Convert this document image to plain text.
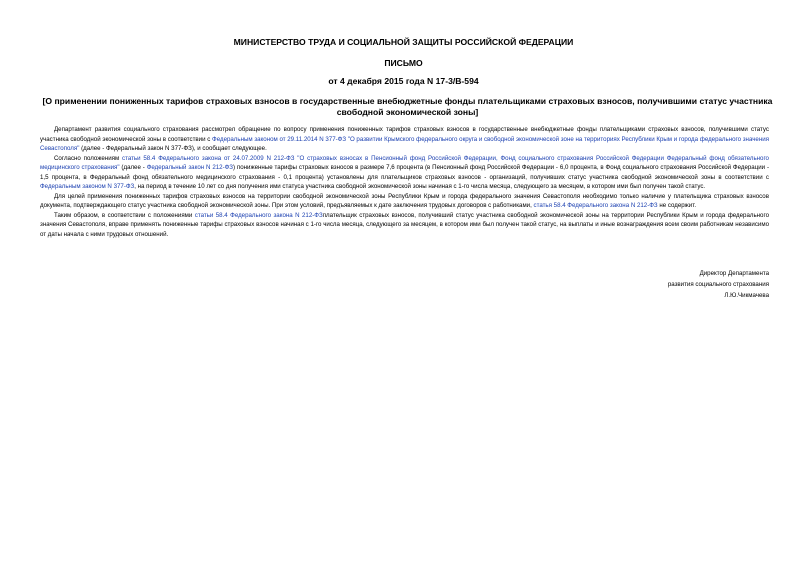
МИНИСТЕРСТВО ТРУДА И СОЦИАЛЬНОЙ ЗАЩИТЫ РОССИЙСКОЙ ФЕДЕРАЦИИ
ПИСЬМО
от 4 декабря 2015 года N 17-3/В-594
[О применении пониженных тарифов страховых взносов в государственные внебюджетные фонды плательщиками страховых взносов, получившими статус участника свободной экономической зоны]

Департамент развития социального страхования рассмотрел обращение по вопросу применения пониженных тарифов страховых взносов в государственные внебюджетные фонды плательщиками страховых взносов, получившими статус участника свободной экономической зоны в соответствии с Федеральным законом от 29.11.2014 N 377-ФЗ "О развитии Крымского федерального округа и свободной экономической зоне на территориях Республики Крым и города федерального значения Севастополя" (далее - Федеральный закон N 377-ФЗ), и сообщает следующее.

Согласно положениям статьи 58.4 Федерального закона от 24.07.2009 N 212-ФЗ "О страховых взносах в Пенсионный фонд Российской Федерации, Фонд социального страхования Российской Федерации Федеральный фонд обязательного медицинского страхования" (далее - Федеральный закон N 212-ФЗ) пониженные тарифы страховых взносов в размере 7,6 процента (в Пенсионный фонд Российской Федерации - 6,0 процента, в Фонд социального страхования Российской Федерации - 1,5 процента, в Федеральный фонд обязательного медицинского страхования - 0,1 процента) установлены для плательщиков страховых взносов - организаций, получивших статус участника свободной экономической зоны в соответствии с Федеральным законом N 377-ФЗ, на период в течение 10 лет со дня получения ими статуса участника свободной экономической зоны начиная с 1-го числа месяца, следующего за месяцем, в котором ими был получен такой статус.

Для целей применения пониженных тарифов страховых взносов на территории свободной экономической зоны Республики Крым и города федерального значения Севастополя необходимо только наличие у плательщика страховых взносов документа, подтверждающего статус участника свободной экономической зоны. При этом условий, предъявляемых к дате заключения трудовых договоров с работниками, статья 58.4 Федерального закона N 212-ФЗ не содержит.

Таким образом, в соответствии с положениями статьи 58.4 Федерального закона N 212-ФЗплательщик страховых взносов, получивший статус участника свободной экономической зоны на территории Республики Крым и города федерального значения Севастополя, вправе применять пониженные тарифы страховых взносов начиная с 1-го числа месяца, следующего за месяцем, в котором ими был получен такой статус, на выплаты и иные вознаграждения всем своим работникам независимо от даты начала с ними трудовых отношений.

Директор Департамента
развития социального страхования
Л.Ю.Чикмачева
